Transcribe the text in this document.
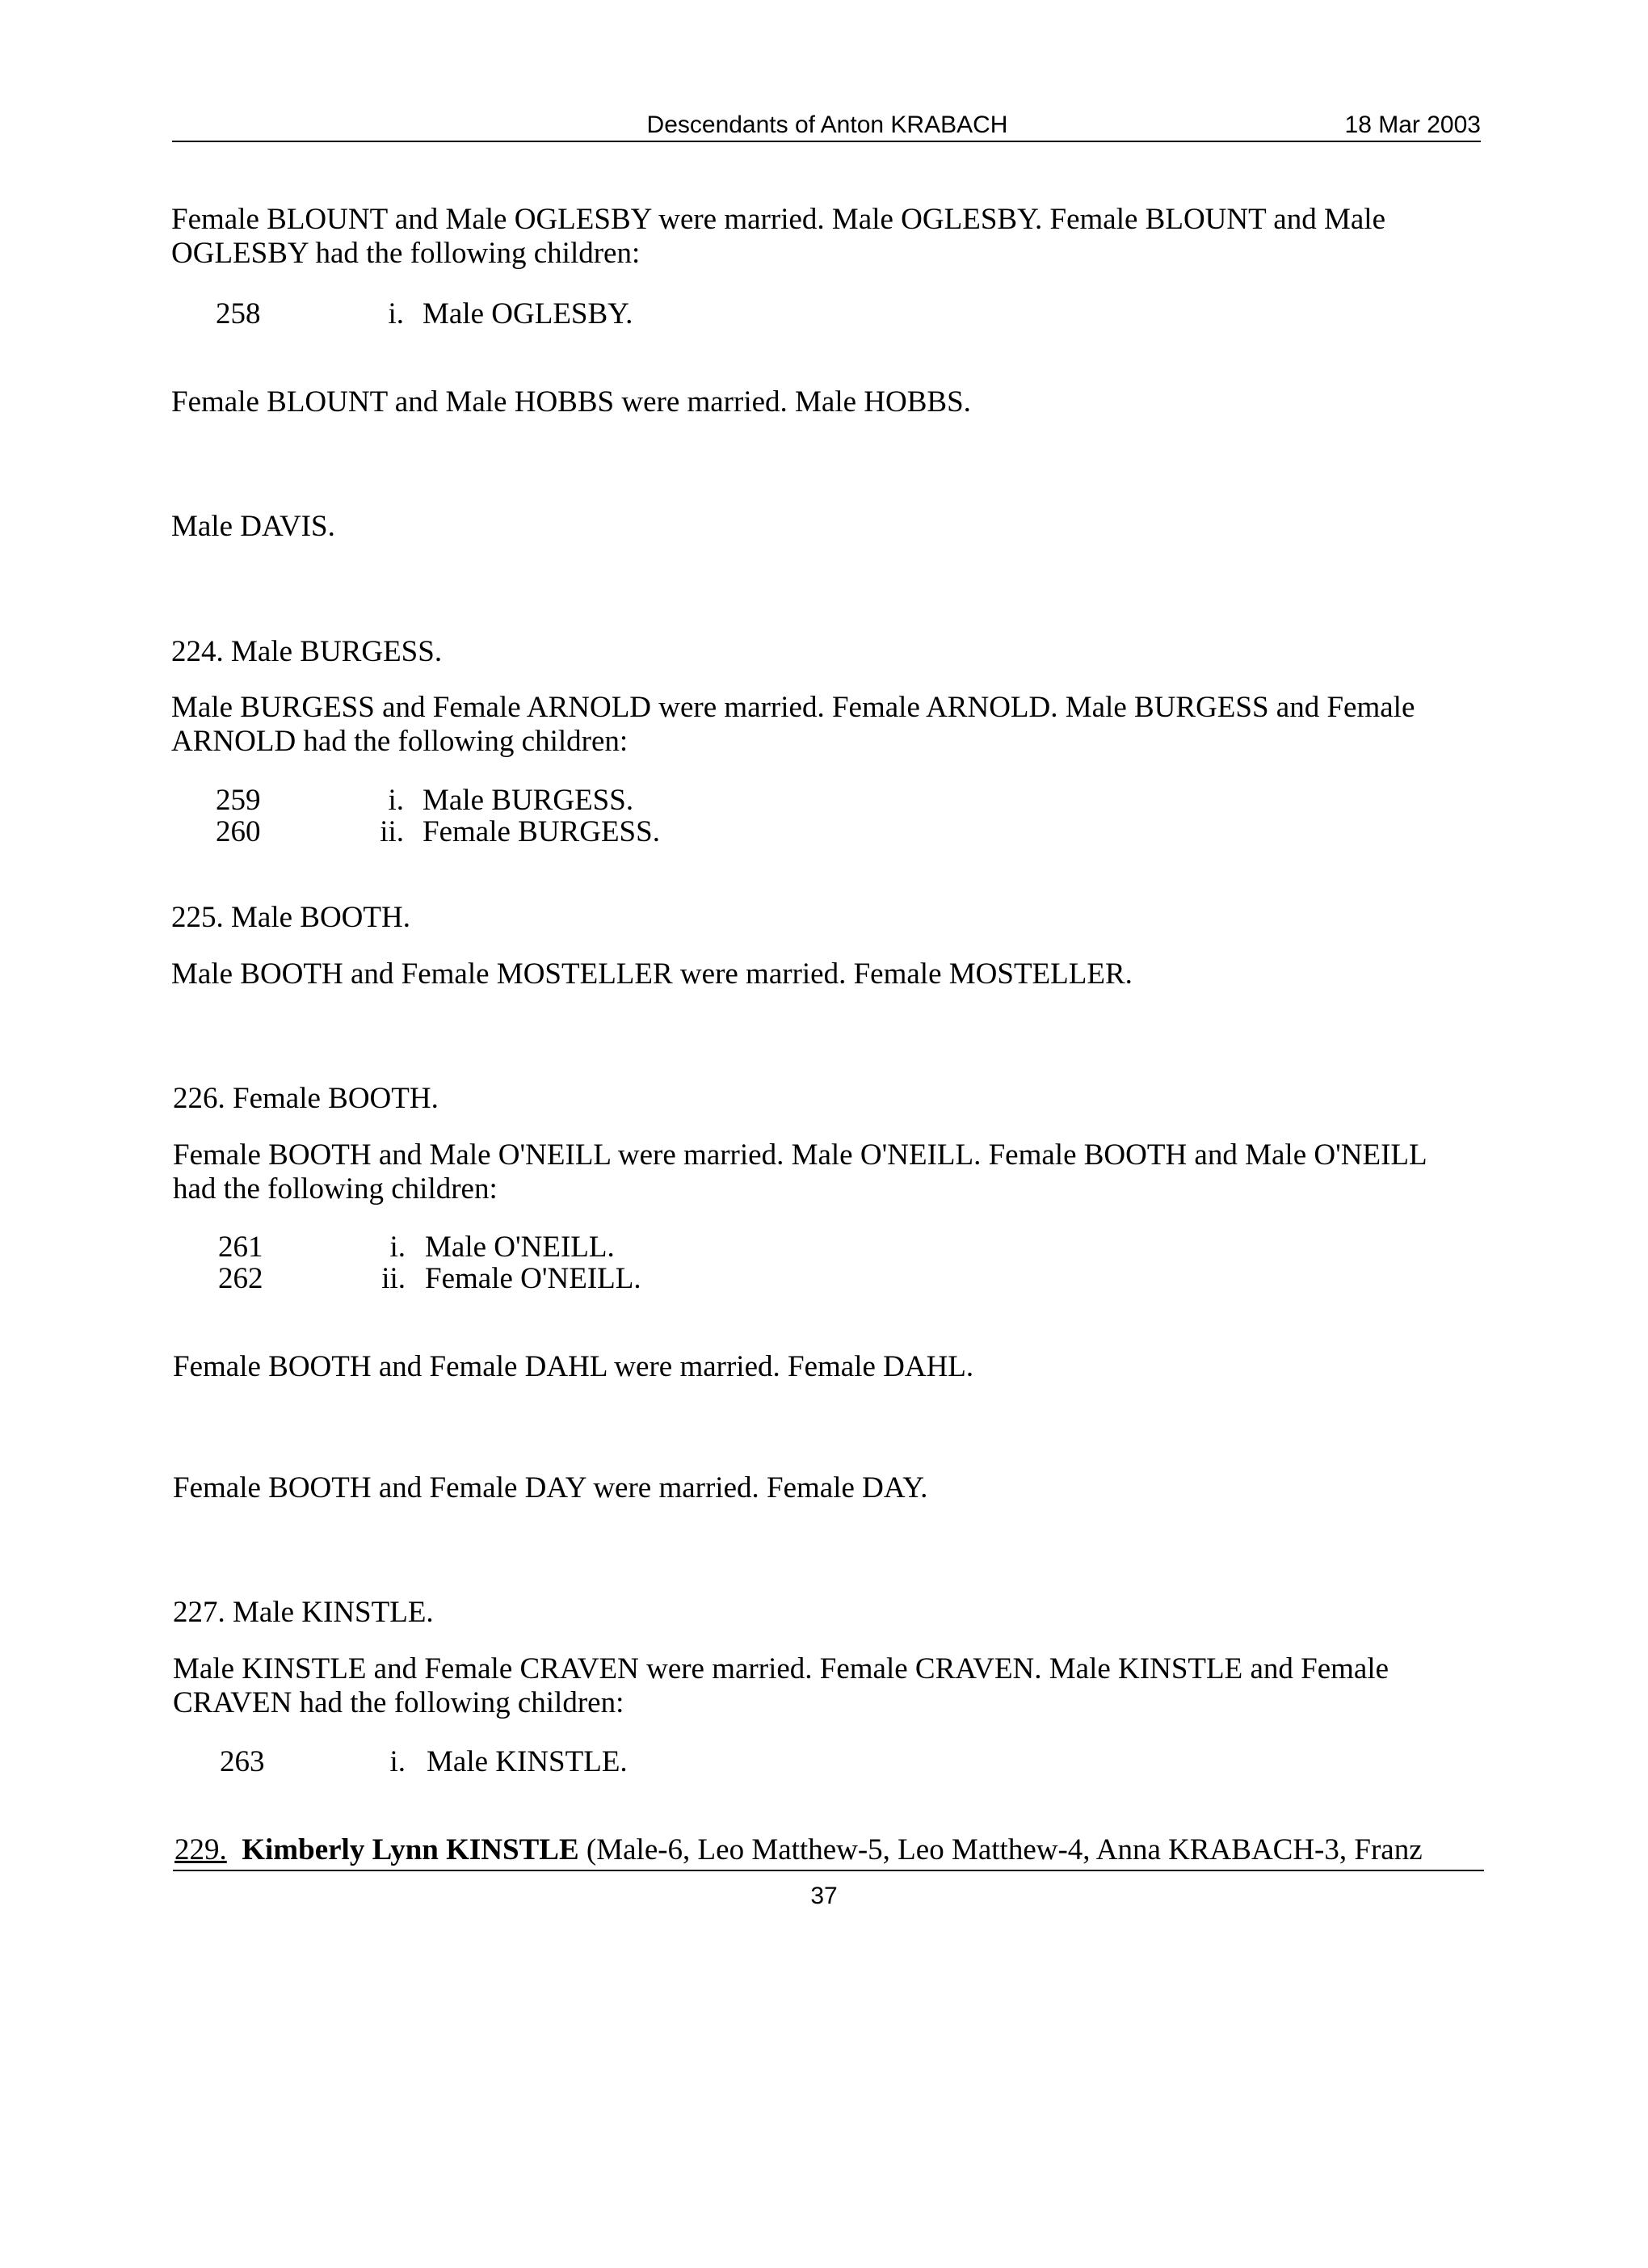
Descendants of Anton KRABACH	18 Mar 2003
Female BLOUNT and Male OGLESBY were married. Male OGLESBY. Female BLOUNT and Male
OGLESBY had the following children:
258	i. Male OGLESBY.
Female BLOUNT and Male HOBBS were married. Male HOBBS.
Male DAVIS.
224. Male BURGESS.
Male BURGESS and Female ARNOLD were married. Female ARNOLD. Male BURGESS and Female
ARNOLD had the following children:
259	i. Male BURGESS.
260	ii. Female BURGESS.
225. Male BOOTH.
Male BOOTH and Female MOSTELLER were married. Female MOSTELLER.
226. Female BOOTH.
Female BOOTH and Male O'NEILL were married. Male O'NEILL. Female BOOTH and Male O'NEILL
had the following children:
261	i. Male O'NEILL.
262	ii. Female O'NEILL.
Female BOOTH and Female DAHL were married. Female DAHL.
Female BOOTH and Female DAY were married. Female DAY.
227. Male KINSTLE.
Male KINSTLE and Female CRAVEN were married. Female CRAVEN. Male KINSTLE and Female
CRAVEN had the following children:
263	i. Male KINSTLE.
229. Kimberly Lynn KINSTLE (Male-6, Leo Matthew-5, Leo Matthew-4, Anna KRABACH-3, Franz
37
